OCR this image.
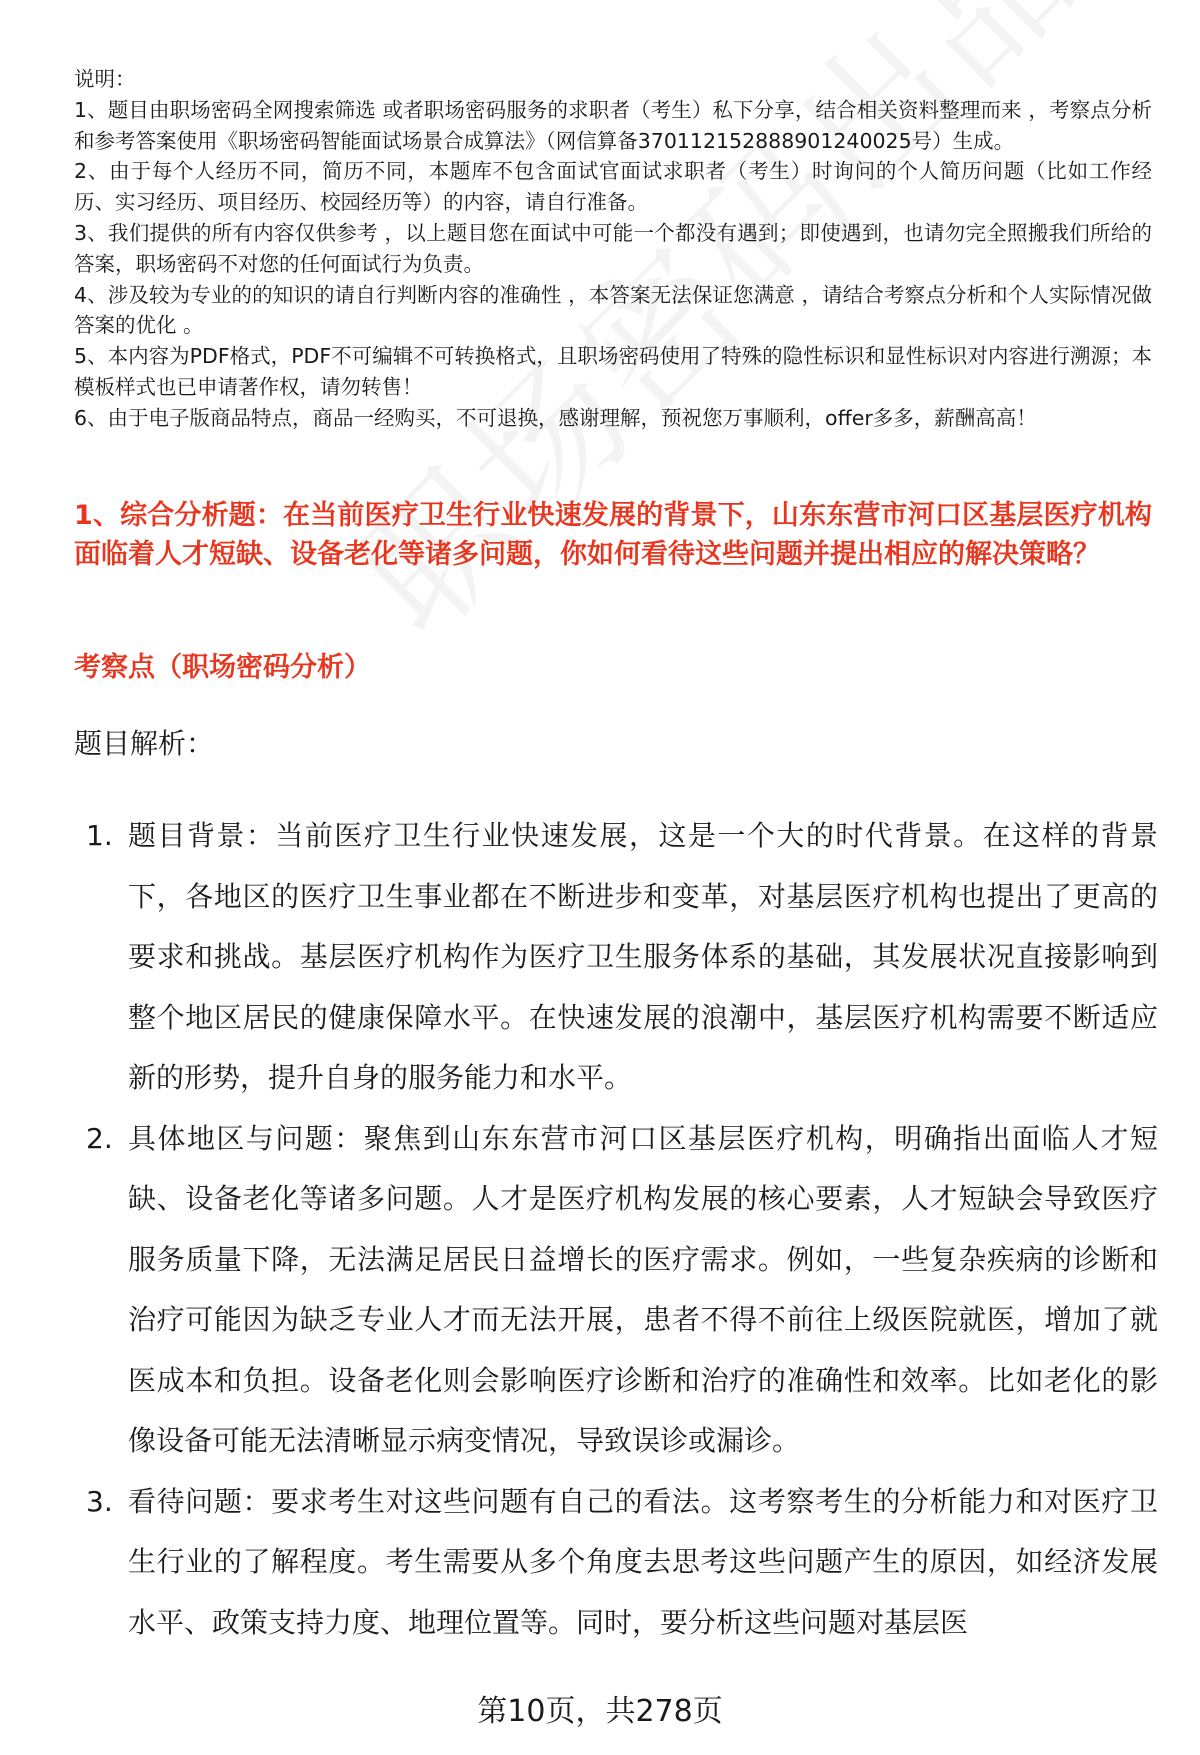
说明：

1、题目由职场密码全网搜索筛选 或者职场密码服务的求职者（考生）私下分享，结合相关资料整理而来 ，考察点分析和参考答案使用《职场密码智能面试场景合成算法》（网信算备370112152888901240025号）生成。

2、由于每个人经历不同，简历不同，本题库不包含面试官面试求职者（考生）时询问的个人简历问题（比如工作经历、实习经历、项目经历、校园经历等）的内容，请自行准备。

3、我们提供的所有内容仅供参考 ，以上题目您在面试中可能一个都没有遇到；即使遇到，也请勿完全照搬我们所给的答案，职场密码不对您的任何面试行为负责。

4、涉及较为专业的的知识的请自行判断内容的准确性 ，本答案无法保证您满意 ，请结合考察点分析和个人实际情况做答案的优化 。

5、本内容为PDF格式，PDF不可编辑不可转换格式，且职场密码使用了特殊的隐性标识和显性标识对内容进行溯源；本模板样式也已申请著作权，请勿转售！

6、由于电子版商品特点，商品一经购买，不可退换，感谢理解，预祝您万事顺利，offer多多，薪酬高高！

1、综合分析题：在当前医疗卫生行业快速发展的背景下，山东东营市河口区基层医疗机构面临着人才短缺、设备老化等诸多问题，你如何看待这些问题并提出相应的解决策略？
考察点（职场密码分析）
题目解析：
1. 题目背景：当前医疗卫生行业快速发展，这是一个大的时代背景。在这样的背景下，各地区的医疗卫生事业都在不断进步和变革，对基层医疗机构也提出了更高的要求和挑战。基层医疗机构作为医疗卫生服务体系的基础，其发展状况直接影响到整个地区居民的健康保障水平。在快速发展的浪潮中，基层医疗机构需要不断适应新的形势，提升自身的服务能力和水平。
2. 具体地区与问题：聚焦到山东东营市河口区基层医疗机构，明确指出面临人才短缺、设备老化等诸多问题。人才是医疗机构发展的核心要素，人才短缺会导致医疗服务质量下降，无法满足居民日益增长的医疗需求。例如，一些复杂疾病的诊断和治疗可能因为缺乏专业人才而无法开展，患者不得不前往上级医院就医，增加了就医成本和负担。设备老化则会影响医疗诊断和治疗的准确性和效率。比如老化的影像设备可能无法清晰显示病变情况，导致误诊或漏诊。
3. 看待问题：要求考生对这些问题有自己的看法。这考察考生的分析能力和对医疗卫生行业的了解程度。考生需要从多个角度去思考这些问题产生的原因，如经济发展水平、政策支持力度、地理位置等。同时，要分析这些问题对基层医
第10页，共278页
